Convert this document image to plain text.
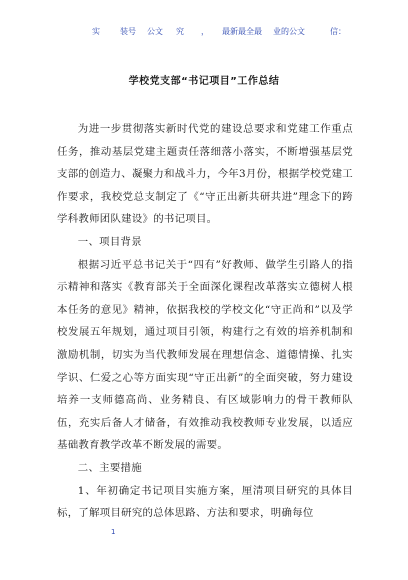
实	装号 公文 究 ， 最新最全最 业的公文	信：
学校党支部“书记项目”工作总结

为进一步贯彻落实新时代党的建设总要求和党建工作重点任务，推动基层党建主题责任落细落小落实，不断增强基层党支部的创造力、凝聚力和战斗力，今年3月份，根据学校党建工作要求，我校党总支制定了《“守正出新共研共进”理念下的跨学科教师团队建设》的书记项目。

一、项目背景

根据习近平总书记关于“四有”好教师、做学生引路人的指示精神和落实《教育部关于全面深化课程改革落实立德树人根本任务的意见》精神，依据我校的学校文化“守正尚和”以及学校发展五年规划，通过项目引领，构建行之有效的培养机制和激励机制，切实为当代教师发展在理想信念、道德情操、扎实学识、仁爱之心等方面实现“守正出新”的全面突破，努力建设培养一支师德高尚、业务精良、有区域影响力的骨干教师队伍，充实后备人才储备，有效推动我校教师专业发展，以适应基础教育教学改革不断发展的需要。

二、主要措施

1、年初确定书记项目实施方案，厘清项目研究的具体目标，了解项目研究的总体思路、方法和要求，明确每位

1
